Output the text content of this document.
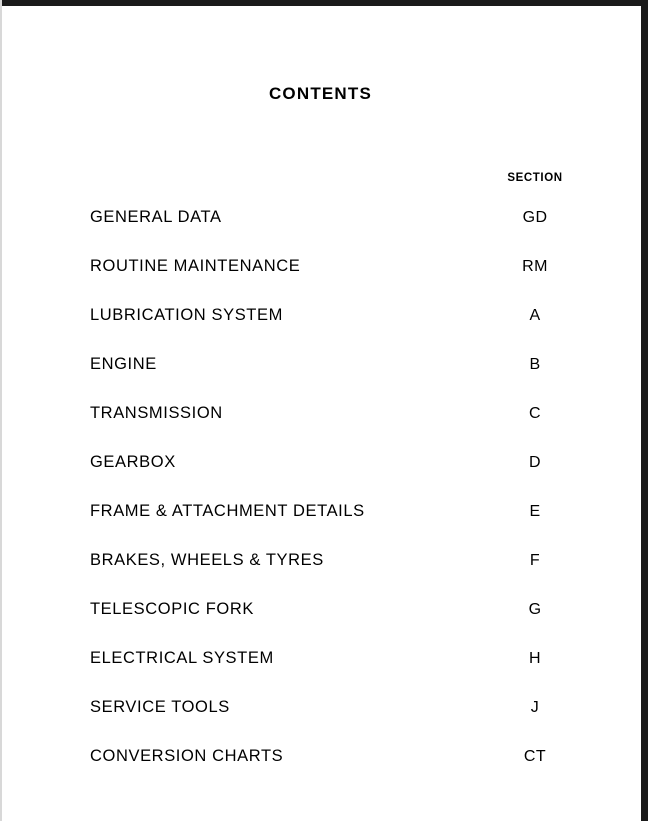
CONTENTS
SECTION
GENERAL DATA	GD
ROUTINE MAINTENANCE	RM
LUBRICATION SYSTEM	A
ENGINE	B
TRANSMISSION	C
GEARBOX	D
FRAME & ATTACHMENT DETAILS	E
BRAKES, WHEELS & TYRES	F
TELESCOPIC FORK	G
ELECTRICAL SYSTEM	H
SERVICE TOOLS	J
CONVERSION CHARTS	CT
